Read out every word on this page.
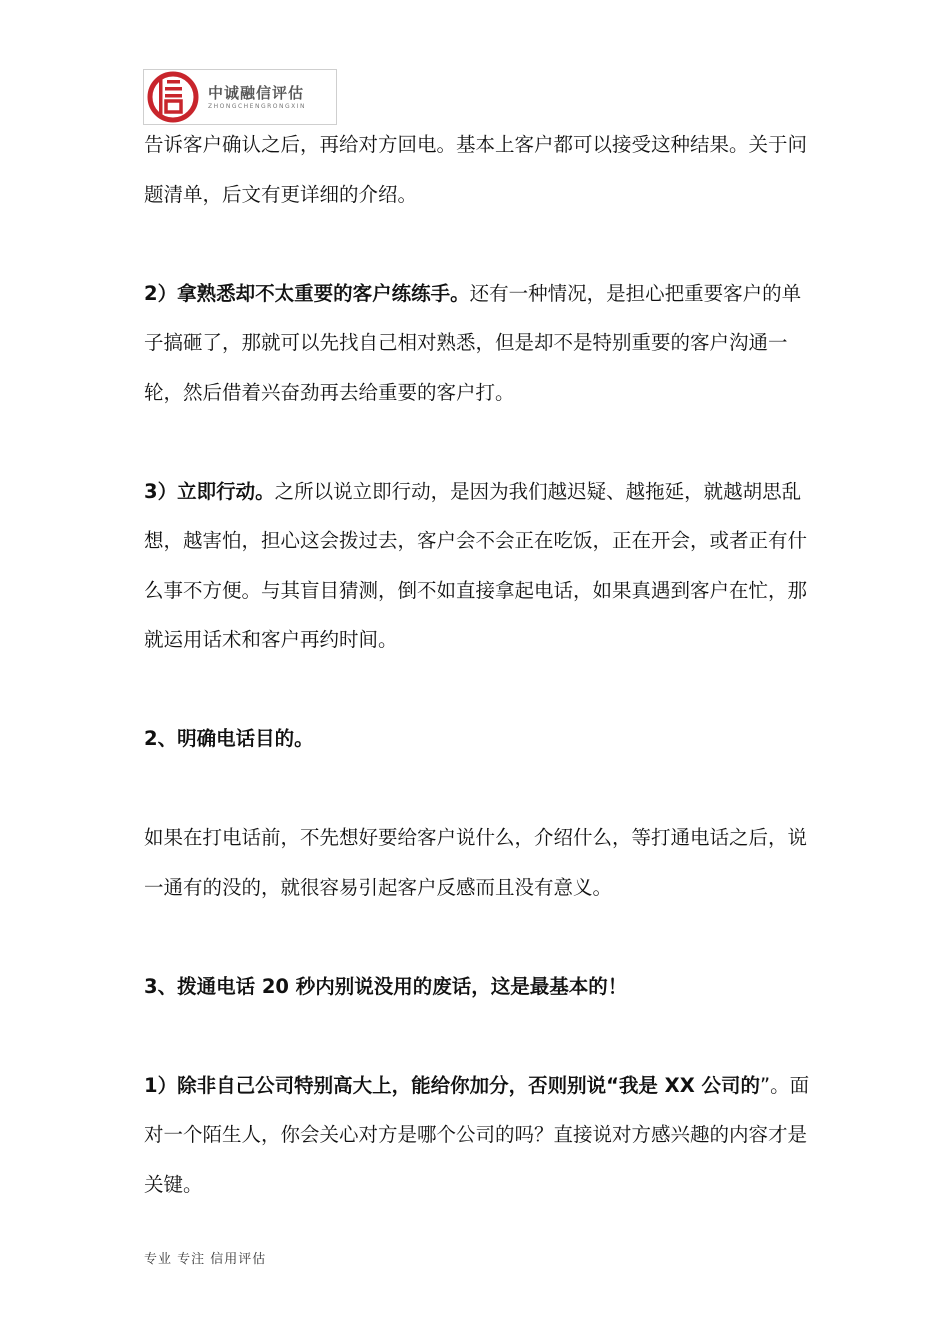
中诚融信评估
ZHONGCHENGRONGXIN

告诉客户确认之后，再给对方回电。基本上客户都可以接受这种结果。关于问题清单，后文有更详细的介绍。

2）拿熟悉却不太重要的客户练练手。还有一种情况，是担心把重要客户的单子搞砸了，那就可以先找自己相对熟悉，但是却不是特别重要的客户沟通一轮，然后借着兴奋劲再去给重要的客户打。

3）立即行动。之所以说立即行动，是因为我们越迟疑、越拖延，就越胡思乱想，越害怕，担心这会拨过去，客户会不会正在吃饭，正在开会，或者正有什么事不方便。与其盲目猜测，倒不如直接拿起电话，如果真遇到客户在忙，那就运用话术和客户再约时间。

2、明确电话目的。

如果在打电话前，不先想好要给客户说什么，介绍什么，等打通电话之后，说一通有的没的，就很容易引起客户反感而且没有意义。

3、拨通电话 20 秒内别说没用的废话，这是最基本的！

1）除非自己公司特别高大上，能给你加分，否则别说“我是 XX 公司的”。面对一个陌生人，你会关心对方是哪个公司的吗？直接说对方感兴趣的内容才是关键。

专业 专注 信用评估
